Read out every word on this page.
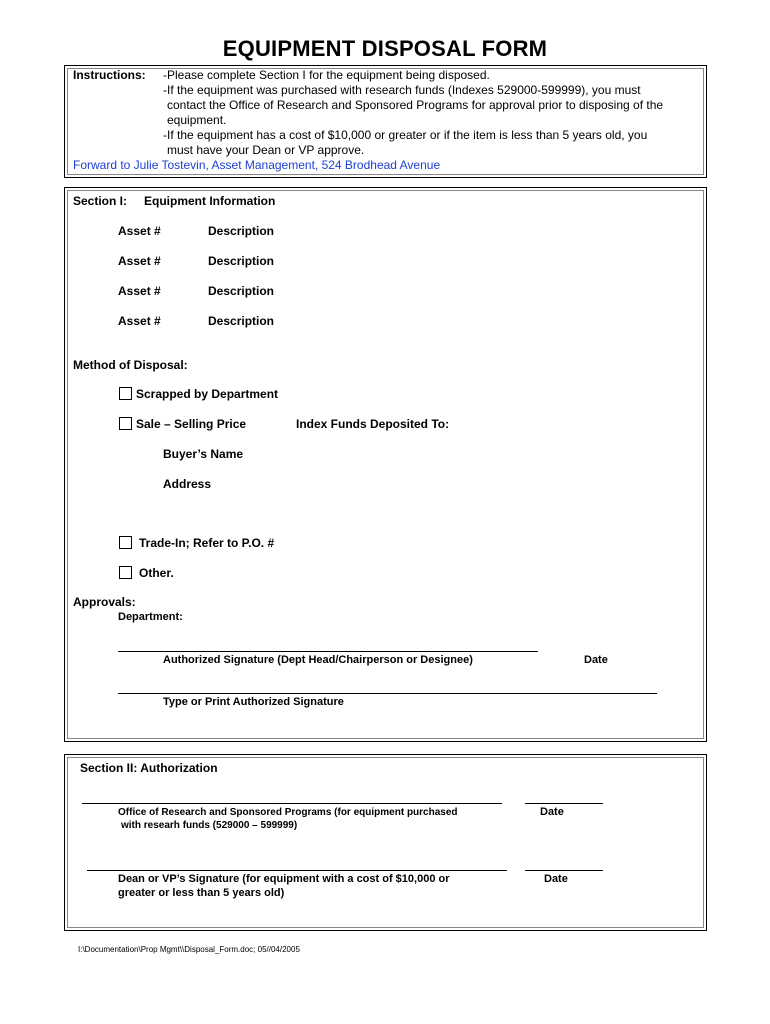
EQUIPMENT DISPOSAL FORM
Instructions: -Please complete Section I for the equipment being disposed.
-If the equipment was purchased with research funds (Indexes 529000-599999), you must
contact the Office of Research and Sponsored Programs for approval prior to disposing of the
equipment.
-If the equipment has a cost of $10,000 or greater or if the item is less than 5 years old, you
must have your Dean or VP approve.
Forward to Julie Tostevin, Asset Management, 524 Brodhead Avenue
Section I: Equipment Information
Asset #	Description
Asset #	Description
Asset #	Description
Asset #	Description
Method of Disposal:
Scrapped by Department
Sale – Selling Price	Index Funds Deposited To:
Buyer’s Name
Address
Trade-In; Refer to P.O. #
Other.
Approvals:
Department:
Authorized Signature (Dept Head/Chairperson or Designee)	Date
Type or Print Authorized Signature
Section II: Authorization
Office of Research and Sponsored Programs (for equipment purchased
with researh funds (529000 – 599999)
Date
Dean or VP’s Signature (for equipment with a cost of $10,000 or
greater or less than 5 years old)
Date
I:\Documentation\Prop Mgmt\\Disposal_Form.doc; 05//04/2005
